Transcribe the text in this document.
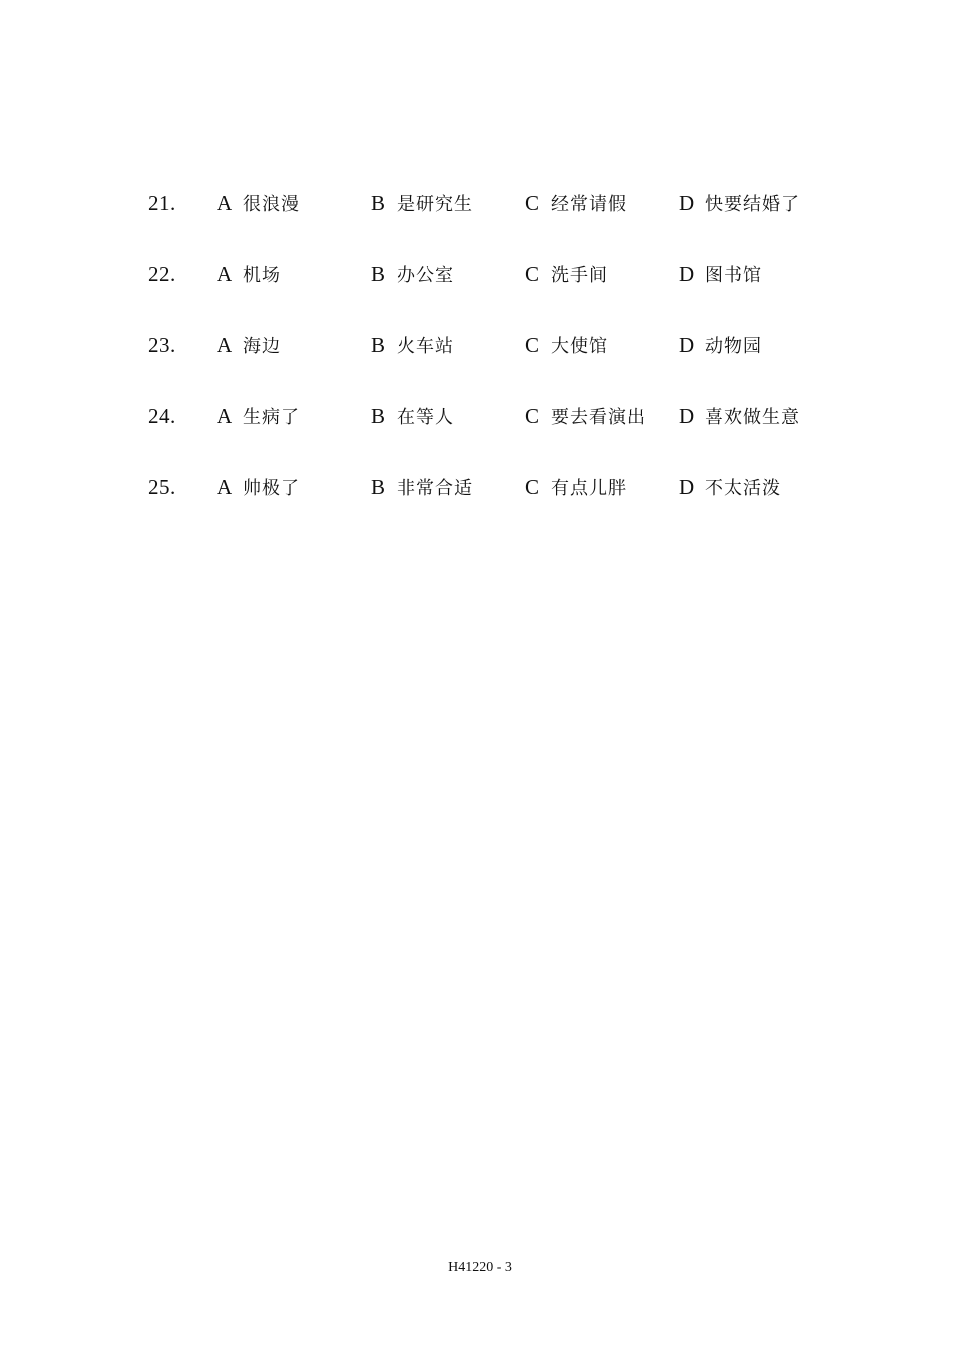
21. A 很浪漫	B 是研究生 C 经常请假 D 快要结婚了
22. A 机场	B 办公室	C 洗手间	D 图书馆
23. A 海边	B 火车站	C 大使馆	D 动物园
24. A 生病了	B 在等人	C 要去看演出 D 喜欢做生意
25. A 帅极了	B 非常合适 C 有点儿胖 D 不太活泼
H41220 - 3
